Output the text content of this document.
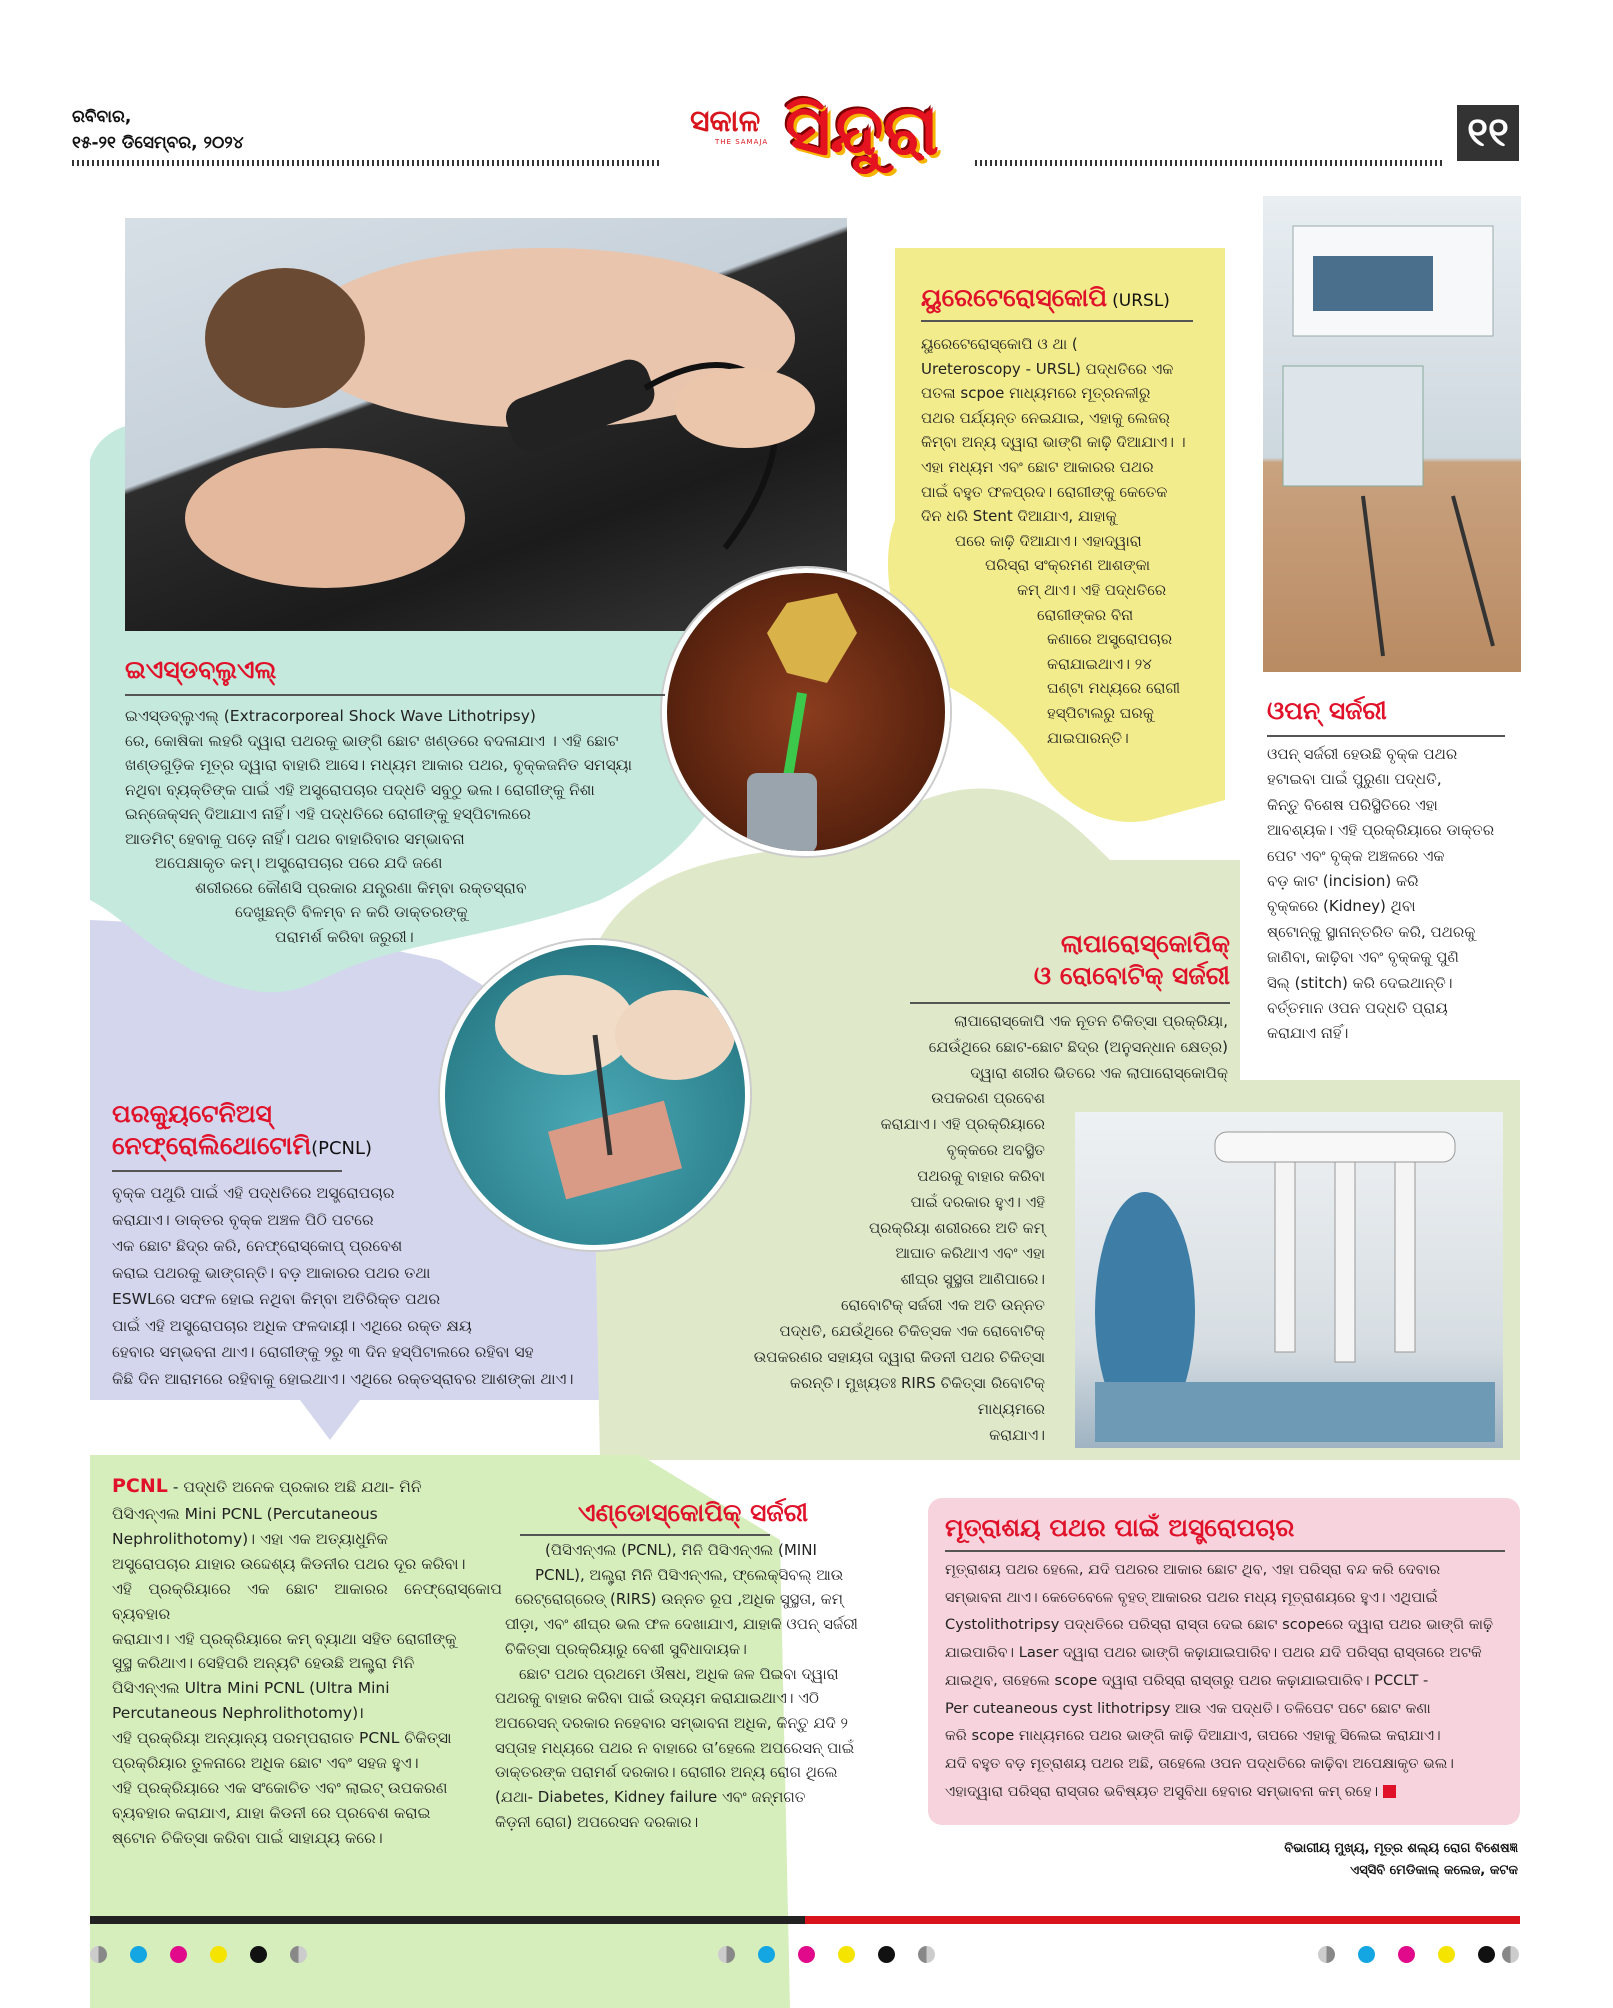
ରବିବାର,
୧୫-୨୧ ଡିସେମ୍ବର, ୨୦୨୪
ସକାଳ
THE SAMAJA ସିନ୍ଦୁରା	୧୧
ୟୁରେଟେରୋସ୍କୋପି (URSL)

ୟୁରେଟେରୋସ୍କୋପି ଓ ଥା (

Ureteroscopy - URSL) ପଦ୍ଧତିରେ ଏକ

ପତଳା scpoe ମାଧ୍ୟମରେ ମୂତ୍ରନଳୀରୁ

ପଥର ପର୍ଯ୍ୟନ୍ତ ନେଇଯାଇ, ଏହାକୁ ଲେଜର୍‌

କିମ୍ବା ଅନ୍ୟ ଦ୍ୱାରା ଭାଙ୍ଗି କାଢ଼ି ଦିଆଯାଏ। ।

ଏହା ମଧ୍ୟମ ଏବଂ ଛୋଟ ଆକାରର ପଥର

ପାଇଁ ବହୁତ ଫଳପ୍ରଦ। ରୋଗୀଙ୍କୁ କେତେକ

ଦିନ ଧରି Stent ଦିଆଯାଏ, ଯାହାକୁ

ପରେ କାଢ଼ି ଦିଆଯାଏ। ଏହାଦ୍ୱାରା

ପରିସ୍ରା ସଂକ୍ରମଣ ଆଶଙ୍କା

କମ୍‌ ଥାଏ। ଏହି ପଦ୍ଧତିରେ

ରୋଗୀଙ୍କର ବିନା

କଣାରେ ଅସ୍ତ୍ରୋପଚାର

କରାଯାଇଥାଏ। ୨୪

ଘଣ୍ଟା ମଧ୍ୟରେ ରୋଗୀ

ହସ୍ପିଟାଲରୁ ଘରକୁ

ଯାଇପାରନ୍ତି।

ଇଏସ୍‌ଡବ୍ଲୁଏଲ୍‌

ଇଏସ୍‌ଡବ୍ଲୁଏଲ୍‌ (Extracorporeal Shock Wave Lithotripsy)

ରେ, କୋଷିକା ଲହରି ଦ୍ୱାରା ପଥରକୁ ଭାଙ୍ଗି ଛୋଟ ଖଣ୍ଡରେ ବଦଳାଯାଏ । ଏହି ଛୋଟ

ଖଣ୍ଡଗୁଡ଼ିକ ମୂତ୍ର ଦ୍ୱାରା ବାହାରି ଆସେ। ମଧ୍ୟମ ଆକାର ପଥର, ବୃକ୍କଜନିତ ସମସ୍ୟା

ନଥିବା ବ୍ୟକ୍ତିଙ୍କ ପାଇଁ ଏହି ଅସ୍ତ୍ରୋପଚାର ପଦ୍ଧତି ସବୁଠୁ ଭଲ। ରୋଗୀଙ୍କୁ ନିଶା

ଇନ୍‌ଜେକ୍ସନ୍‌ ଦିଆଯାଏ ନାହିଁ। ଏହି ପଦ୍ଧତିରେ ରୋଗୀଙ୍କୁ ହସ୍ପିଟାଲରେ

ଆଡମିଟ୍‌ ହେବାକୁ ପଡ଼େ ନାହିଁ। ପଥର ବାହାରିବାର ସମ୍ଭାବନା

ଅପେକ୍ଷାକୃତ କମ୍‌। ଅସ୍ତ୍ରୋପଚାର ପରେ ଯଦି ଜଣେ

ଶରୀରରେ କୌଣସି ପ୍ରକାର ଯନ୍ତ୍ରଣା କିମ୍ବା ରକ୍ତସ୍ରାବ

ଦେଖୁଛନ୍ତି ବିଳମ୍ବ ନ କରି ଡାକ୍ତରଙ୍କୁ

ପରାମର୍ଶ କରିବା ଜରୁରୀ।

ଓପନ୍‌ ସର୍ଜରୀ

ଓପନ୍‌ ସର୍ଜରୀ ହେଉଛି ବୃକ୍କ ପଥର

ହଟାଇବା ପାଇଁ ପୁରୁଣା ପଦ୍ଧତି,

କିନ୍ତୁ ବିଶେଷ ପରିସ୍ଥିତିରେ ଏହା

ଆବଶ୍ୟକ। ଏହି ପ୍ରକ୍ରିୟାରେ ଡାକ୍ତର

ପେଟ ଏବଂ ବୃକ୍କ ଅଞ୍ଚଳରେ ଏକ

ବଡ଼ କାଟ (incision) କରି

ବୃକ୍କରେ (Kidney) ଥିବା

ଷ୍ଟୋନ୍‌କୁ ସ୍ଥାନାନ୍ତରିତ କରି, ପଥରକୁ

ଜାଣିବା, କାଢ଼ିବା ଏବଂ ବୃକ୍କକୁ ପୁଣି

ସିଲ୍‌ (stitch) କରି ଦେଇଥାନ୍ତି।

ବର୍ତ୍ତମାନ ଓପନ ପଦ୍ଧତି ପ୍ରାୟ

କରାଯାଏ ନାହିଁ।

ଲାପାରୋସ୍କୋପିକ୍‌
ଓ ରୋବୋଟିକ୍‌ ସର୍ଜରୀ

ଲାପାରୋସ୍କୋପି ଏକ ନୂତନ ଚିକିତ୍ସା ପ୍ରକ୍ରିୟା,

ଯେଉଁଥିରେ ଛୋଟ-ଛୋଟ ଛିଦ୍ର (ଅନୁସନ୍ଧାନ କ୍ଷେତ୍ର)

ଦ୍ୱାରା ଶରୀର ଭିତରେ ଏକ ଲାପାରୋସ୍କୋପିକ୍‌

ଉପକରଣ ପ୍ରବେଶ

କରାଯାଏ। ଏହି ପ୍ରକ୍ରିୟାରେ

ବୃକ୍କରେ ଅବସ୍ଥିତ

ପଥରକୁ ବାହାର କରିବା

ପାଇଁ ଦରକାର ହୁଏ। ଏହି

ପ୍ରକ୍ରିୟା ଶରୀରରେ ଅତି କମ୍‌

ଆଘାତ କରିଥାଏ ଏବଂ ଏହା

ଶୀଘ୍ର ସୁସ୍ଥତା ଆଣିପାରେ।

ରୋବୋଟିକ୍‌ ସର୍ଜରୀ ଏକ ଅତି ଉନ୍ନତ

ପଦ୍ଧତି, ଯେଉଁଥିରେ ଚିକିତ୍ସକ ଏକ ରୋବୋଟିକ୍‌

ଉପକରଣର ସହାୟତା ଦ୍ୱାରା କିଡନୀ ପଥର ଚିକିତ୍ସା

କରନ୍ତି। ମୁଖ୍ୟତଃ RIRS ଚିକିତ୍ସା ରିବୋଟିକ୍‌ ମାଧ୍ୟମରେ

କରାଯାଏ।

ପରକ୍ୟୁଟେନିଅସ୍‌
ନେଫ୍ରୋଲିଥୋଟୋମି(PCNL)

ବୃକ୍କ ପଥୁରି ପାଇଁ ଏହି ପଦ୍ଧତିରେ ଅସ୍ତ୍ରୋପଚାର

କରାଯାଏ। ଡାକ୍ତର ବୃକ୍କ ଅଞ୍ଚଳ ପିଠି ପଟରେ

ଏକ ଛୋଟ ଛିଦ୍ର କରି, ନେଫ୍ରୋସ୍କୋପ୍‌ ପ୍ରବେଶ

କରାଇ ପଥରକୁ ଭାଙ୍ଗନ୍ତି। ବଡ଼ ଆକାରର ପଥର ତଥା

ESWLରେ ସଫଳ ହୋଇ ନଥିବା କିମ୍ବା ଅତିରିକ୍ତ ପଥର

ପାଇଁ ଏହି ଅସ୍ତ୍ରୋପଚାର ଅଧିକ ଫଳଦାୟୀ। ଏଥିରେ ରକ୍ତ କ୍ଷୟ

ହେବାର ସମ୍ଭବନା ଥାଏ। ରୋଗୀଙ୍କୁ ୨ରୁ ୩ ଦିନ ହସ୍ପିଟାଲରେ ରହିବା ସହ

କିଛି ଦିନ ଆରାମରେ ରହିବାକୁ ହୋଇଥାଏ। ଏଥିରେ ରକ୍ତସ୍ରାବର ଆଶଙ୍କା ଥାଏ।

PCNL - ପଦ୍ଧତି ଅନେକ ପ୍ରକାର ଅଛି ଯଥା- ମିନି

ପିସିଏନ୍‌ଏଲ Mini PCNL (Percutaneous

Nephrolithotomy)। ଏହା ଏକ ଅତ୍ୟାଧୁନିକ

ଅସ୍ତ୍ରୋପଚାର ଯାହାର ଉଦ୍ଦେଶ୍ୟ କିଡନୀର ପଥର ଦୂର କରିବା।

ଏହି ପ୍ରକ୍ରିୟାରେ ଏକ ଛୋଟ ଆକାରର ନେଫ୍ରୋସ୍କୋପ ବ୍ୟବହାର

କରାଯାଏ। ଏହି ପ୍ରକ୍ରିୟାରେ କମ୍‌ ବ୍ୟାଥା ସହିତ ରୋଗୀଙ୍କୁ

ସୁସ୍ଥ କରିଥାଏ। ସେହିପରି ଅନ୍ୟଟି ହେଉଛି ଅଲ୍ଟ୍ରା ମିନି

ପିସିଏନ୍‌ଏଲ Ultra Mini PCNL (Ultra Mini

Percutaneous Nephrolithotomy)।

ଏହି ପ୍ରକ୍ରିୟା ଅନ୍ୟାନ୍ୟ ପରମ୍ପରାଗତ PCNL ଚିକିତ୍ସା

ପ୍ରକ୍ରିୟାର ତୁଳନାରେ ଅଧିକ ଛୋଟ ଏବଂ ସହଜ ହୁଏ।

ଏହି ପ୍ରକ୍ରିୟାରେ ଏକ ସଂକୋଚିତ ଏବଂ ଲାଇଟ୍‌ ଉପକରଣ

ବ୍ୟବହାର କରାଯାଏ, ଯାହା କିଡନୀ ରେ ପ୍ରବେଶ କରାଇ

ଷ୍ଟୋନ ଚିକିତ୍ସା କରିବା ପାଇଁ ସାହାଯ୍ୟ କରେ।

ଏଣ୍ଡୋସ୍କୋପିକ୍‌ ସର୍ଜରୀ

(ପିସିଏନ୍‌ଏଲ (PCNL), ମିନି ପିସିଏନ୍‌ଏଲ (MINI

PCNL), ଅଲ୍ଟ୍ରା ମିନି ପିସିଏନ୍‌ଏଲ, ଫ୍ଲେକ୍ସିବଲ୍‌ ଆଉ

ରେଟ୍ରୋଗ୍ରେଡ୍‌ (RIRS) ଉନ୍ନତ ରୂପ ,ଅଧିକ ସୁସ୍ଥତା, କମ୍‌

ପୀଡ଼ା, ଏବଂ ଶୀଘ୍ର ଭଲ ଫଳ ଦେଖାଯାଏ, ଯାହାକି ଓପନ୍‌ ସର୍ଜରୀ

ଚିକିତ୍ସା ପ୍ରକ୍ରିୟାରୁ ବେଶୀ ସୁବିଧାଦାୟକ।

ଛୋଟ ପଥର ପ୍ରଥମେ ଔଷଧ, ଅଧିକ ଜଳ ପିଇବା ଦ୍ୱାରା

ପଥରକୁ ବାହାର କରିବା ପାଇଁ ଉଦ୍ୟମ କରାଯାଇଥାଏ। ଏଠି

ଅପରେସନ୍‌ ଦରକାର ନହେବାର ସମ୍ଭାବନା ଅଧିକ, କିନ୍ତୁ ଯଦି ୨

ସପ୍ତାହ ମଧ୍ୟରେ ପଥର ନ ବାହାରେ ତା’ହେଲେ ଅପରେସନ୍‌ ପାଇଁ

ଡାକ୍ତରଙ୍କ ପରାମର୍ଶ ଦରକାର। ରୋଗୀର ଅନ୍ୟ ରୋଗ ଥିଲେ

(ଯଥା- Diabetes, Kidney failure ଏବଂ ଜନ୍ମଗତ

କିଡ଼ନୀ ରୋଗ) ଅପରେସନ ଦରକାର।

ମୂତ୍ରାଶୟ ପଥର ପାଇଁ ଅସ୍ତ୍ରୋପଚାର

ମୂତ୍ରାଶୟ ପଥର ହେଲେ, ଯଦି ପଥରର ଆକାର ଛୋଟ ଥିବ, ଏହା ପରିସ୍ରା ବନ୍ଦ କରି ଦେବାର

ସମ୍ଭାବନା ଥାଏ। କେତେବେଳେ ବୃହତ୍‌ ଆକାରର ପଥର ମଧ୍ୟ ମୂତ୍ରାଶୟରେ ହୁଏ। ଏଥିପାଇଁ

Cystolithotripsy ପଦ୍ଧତିରେ ପରିସ୍ରା ରାସ୍ତା ଦେଇ ଛୋଟ scopeରେ ଦ୍ୱାରା ପଥର ଭାଙ୍ଗି କାଢ଼ି

ଯାଇପାରିବ। Laser ଦ୍ୱାରା ପଥର ଭାଙ୍ଗି କଢ଼ାଯାଇପାରିବ। ପଥର ଯଦି ପରିସ୍ରା ରାସ୍ତାରେ ଅଟକି

ଯାଇଥିବ, ତାହେଲେ scope ଦ୍ୱାରା ପରିସ୍ରା ରାସ୍ତାରୁ ପଥର କଢ଼ାଯାଇପାରିବ। PCCLT -

Per cuteaneous cyst lithotripsy ଆଉ ଏକ ପଦ୍ଧତି। ତଳିପେଟ ପଟେ ଛୋଟ କଣା

କରି scope ମାଧ୍ୟମରେ ପଥର ଭାଙ୍ଗି କାଢ଼ି ଦିଆଯାଏ, ତାପରେ ଏହାକୁ ସିଲେଇ କରାଯାଏ।

ଯଦି ବହୁତ ବଡ଼ ମୂତ୍ରାଶୟ ପଥର ଅଛି, ତାହେଲେ ଓପନ ପଦ୍ଧତିରେ କାଢ଼ିବା ଅପେକ୍ଷାକୃତ ଭଲ।

ଏହାଦ୍ୱାରା ପରିସ୍ରା ରାସ୍ତାର ଭବିଷ୍ୟତ ଅସୁବିଧା ହେବାର ସମ୍ଭାବନା କମ୍‌ ରହେ।

ବିଭାଗୀୟ ମୁଖ୍ୟ, ମୂତ୍ର ଶଲ୍ୟ ରୋଗ ବିଶେଷଜ୍ଞ
ଏସ୍‌ସିବି ମେଡିକାଲ୍‌ କଲେଜ, କଟକ
